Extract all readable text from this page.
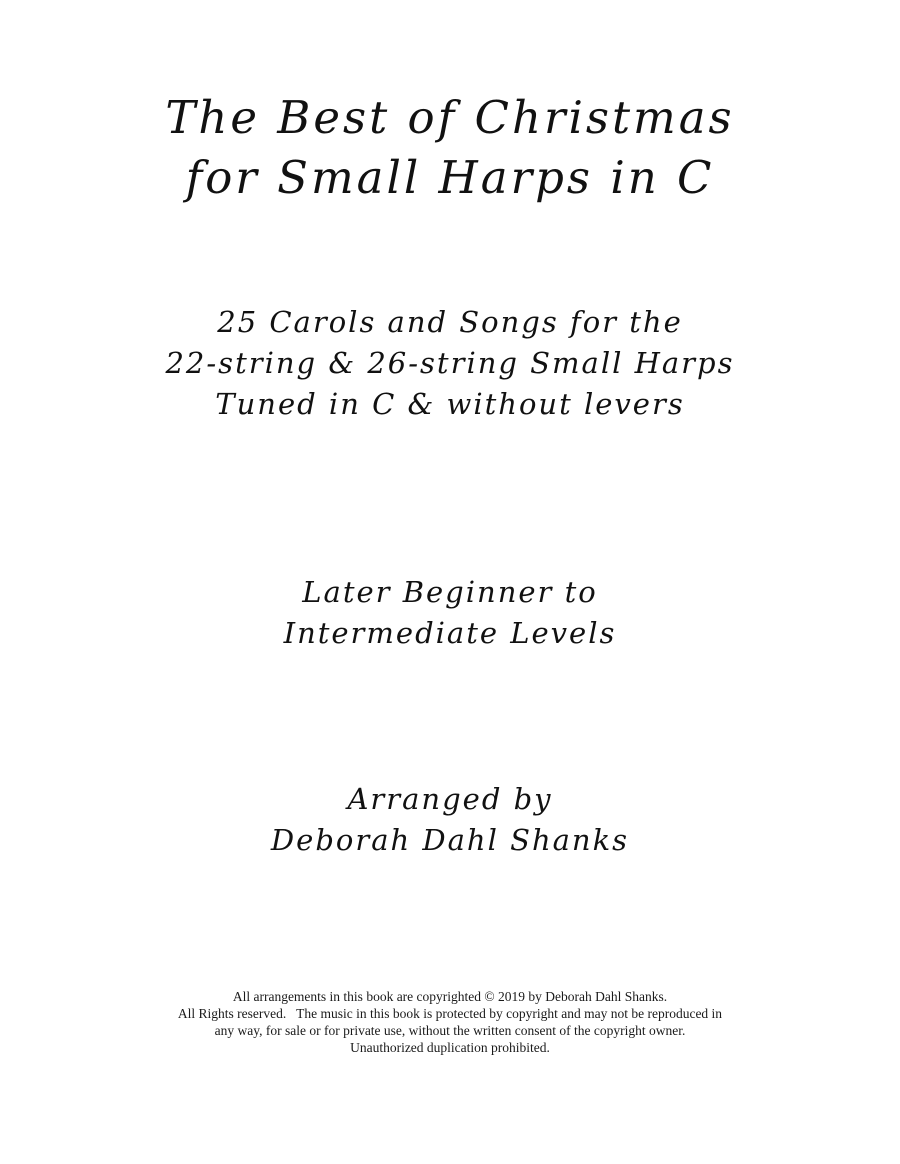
The Best of Christmas
for Small Harps in C
25 Carols and Songs for the
22-string & 26-string Small Harps
Tuned in C & without levers
Later Beginner to
Intermediate Levels
Arranged by
Deborah Dahl Shanks
All arrangements in this book are copyrighted © 2019 by Deborah Dahl Shanks.
All Rights reserved.   The music in this book is protected by copyright and may not be reproduced in
any way, for sale or for private use, without the written consent of the copyright owner.
Unauthorized duplication prohibited.
